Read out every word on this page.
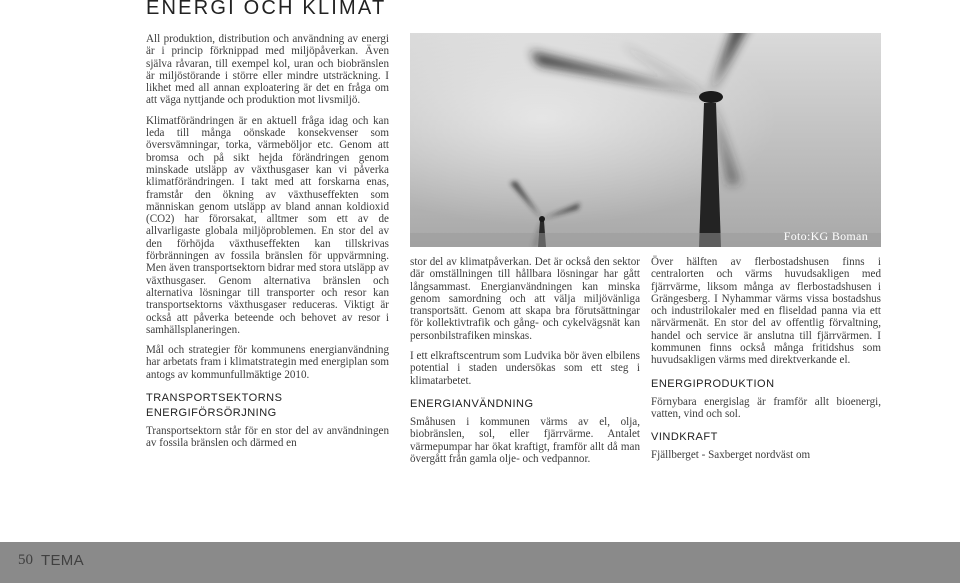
ENERGI OCH KLIMAT

All produktion, distribution och användning av energi är i princip förknippad med miljöpåverkan. Även själva råvaran, till exempel kol, uran och biobränslen är miljöstörande i större eller mindre utsträckning. I likhet med all annan exploatering är det en fråga om att väga nyttjande och produktion mot livsmiljö.

Klimatförändringen är en aktuell fråga idag och kan leda till många oönskade konsekvenser som översvämningar, torka, värmeböljor etc. Genom att bromsa och på sikt hejda förändringen genom minskade utsläpp av växthusgaser kan vi påverka klimatförändringen. I takt med att forskarna enas, framstår den ökning av växthuseffekten som människan genom utsläpp av bland annan koldioxid (CO2) har förorsakat, alltmer som ett av de allvarligaste globala miljöproblemen. En stor del av den förhöjda växthuseffekten kan tillskrivas förbränningen av fossila bränslen för uppvärmning. Men även transportsektorn bidrar med stora utsläpp av växthusgaser. Genom alternativa bränslen och alternativa lösningar till transporter och resor kan transportsektorns växthusgaser reduceras. Viktigt är också att påverka beteende och behovet av resor i samhällsplaneringen.

Mål och strategier för kommunens energianvändning har arbetats fram i klimatstrategin med energiplan som antogs av kommunfullmäktige 2010.

TRANSPORTSEKTORNS ENERGIFÖRSÖRJNING

Transportsektorn står för en stor del av användningen av fossila bränslen och därmed en

Foto:KG Boman

stor del av klimatpåverkan. Det är också den sektor där omställningen till hållbara lösningar har gått långsammast. Energianvändningen kan minska genom samordning och att välja miljövänliga transportsätt. Genom att skapa bra förutsättningar för kollektivtrafik och gång- och cykelvägsnät kan personbilstrafiken minskas.

I ett elkraftscentrum som Ludvika bör även elbilens potential i staden undersökas som ett steg i klimatarbetet.

ENERGIANVÄNDNING

Småhusen i kommunen värms av el, olja, biobränslen, sol, eller fjärrvärme. Antalet värmepumpar har ökat kraftigt, framför allt då man övergått från gamla olje- och vedpannor.

Över hälften av flerbostadshusen finns i centralorten och värms huvudsakligen med fjärrvärme, liksom många av flerbostadshusen i Grängesberg. I Nyhammar värms vissa bostadshus och industrilokaler med en fliseldad panna via ett närvärmenät. En stor del av offentlig förvaltning, handel och service är anslutna till fjärrvärmen. I kommunen finns också många fritidshus som huvudsakligen värms med direktverkande el.

ENERGIPRODUKTION

Förnybara energislag är framför allt bioenergi, vatten, vind och sol.

VINDKRAFT

Fjällberget - Saxberget nordväst om

50 TEMA
